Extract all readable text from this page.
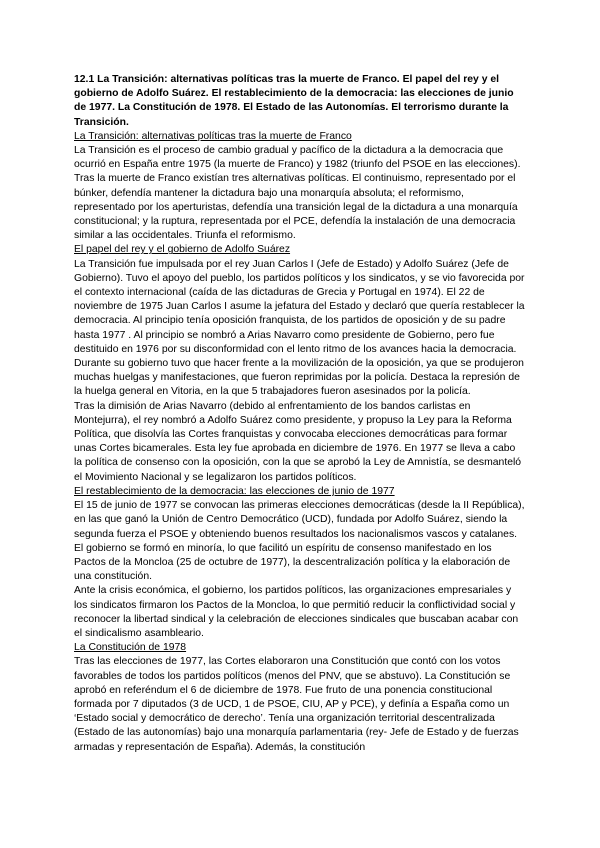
12.1 La Transición: alternativas políticas tras la muerte de Franco. El papel del rey y el gobierno de Adolfo Suárez. El restablecimiento de la democracia: las elecciones de junio de 1977. La Constitución de 1978. El Estado de las Autonomías. El terrorismo durante la Transición.

La Transición: alternativas políticas tras la muerte de Franco

La Transición es el proceso de cambio gradual y pacífico de la dictadura a la democracia que ocurrió en España entre 1975 (la muerte de Franco) y 1982 (triunfo del PSOE en las elecciones). Tras la muerte de Franco existían tres alternativas políticas. El continuismo, representado por el búnker, defendía mantener la dictadura bajo una monarquía absoluta; el reformismo, representado por los aperturistas, defendía una transición legal de la dictadura a una monarquía constitucional; y la ruptura, representada por el PCE, defendía la instalación de una democracia similar a las occidentales. Triunfa el reformismo.

El papel del rey y el gobierno de Adolfo Suárez

La Transición fue impulsada por el rey Juan Carlos I (Jefe de Estado) y Adolfo Suárez (Jefe de Gobierno). Tuvo el apoyo del pueblo, los partidos políticos y los sindicatos, y se vio favorecida por el contexto internacional (caída de las dictaduras de Grecia y Portugal en 1974). El 22 de noviembre de 1975 Juan Carlos I asume la jefatura del Estado y declaró que quería restablecer la democracia. Al principio tenía oposición franquista, de los partidos de oposición y de su padre hasta 1977 . Al principio se nombró a Arias Navarro como presidente de Gobierno, pero fue destituido en 1976 por su disconformidad con el lento ritmo de los avances hacia la democracia. Durante su gobierno tuvo que hacer frente a la movilización de la oposición, ya que se produjeron muchas huelgas y manifestaciones, que fueron reprimidas por la policía. Destaca la represión de la huelga general en Vitoria, en la que 5 trabajadores fueron asesinados por la policía.

Tras la dimisión de Arias Navarro (debido al enfrentamiento de los bandos carlistas en Montejurra), el rey nombró a Adolfo Suárez como presidente, y propuso la Ley para la Reforma Política, que disolvía las Cortes franquistas y convocaba elecciones democráticas para formar unas Cortes bicamerales. Esta ley fue aprobada en diciembre de 1976. En 1977 se lleva a cabo la política de consenso con la oposición, con la que se aprobó la Ley de Amnistía, se desmanteló el Movimiento Nacional y se legalizaron los partidos políticos.

El restablecimiento de la democracia: las elecciones de junio de 1977

El 15 de junio de 1977 se convocan las primeras elecciones democráticas (desde la II República), en las que ganó la Unión de Centro Democrático (UCD), fundada por Adolfo Suárez, siendo la segunda fuerza el PSOE y obteniendo buenos resultados los nacionalismos vascos y catalanes. El gobierno se formó en minoría, lo que facilitó un espíritu de consenso manifestado en los Pactos de la Moncloa (25 de octubre de 1977), la descentralización política y la elaboración de una constitución.

Ante la crisis económica, el gobierno, los partidos políticos, las organizaciones empresariales y los sindicatos firmaron los Pactos de la Moncloa, lo que permitió reducir la conflictividad social y reconocer la libertad sindical y la celebración de elecciones sindicales que buscaban acabar con el sindicalismo asambleario.

La Constitución de 1978

Tras las elecciones de 1977, las Cortes elaboraron una Constitución que contó con los votos favorables de todos los partidos políticos (menos del PNV, que se abstuvo). La Constitución se aprobó en referéndum el 6 de diciembre de 1978. Fue fruto de una ponencia constitucional formada por 7 diputados (3 de UCD, 1 de PSOE, CIU, AP y PCE), y definía a España como un ‘Estado social y democrático de derecho’. Tenía una organización territorial descentralizada (Estado de las autonomías) bajo una monarquía parlamentaria (rey- Jefe de Estado y de fuerzas armadas y representación de España). Además, la constitución
